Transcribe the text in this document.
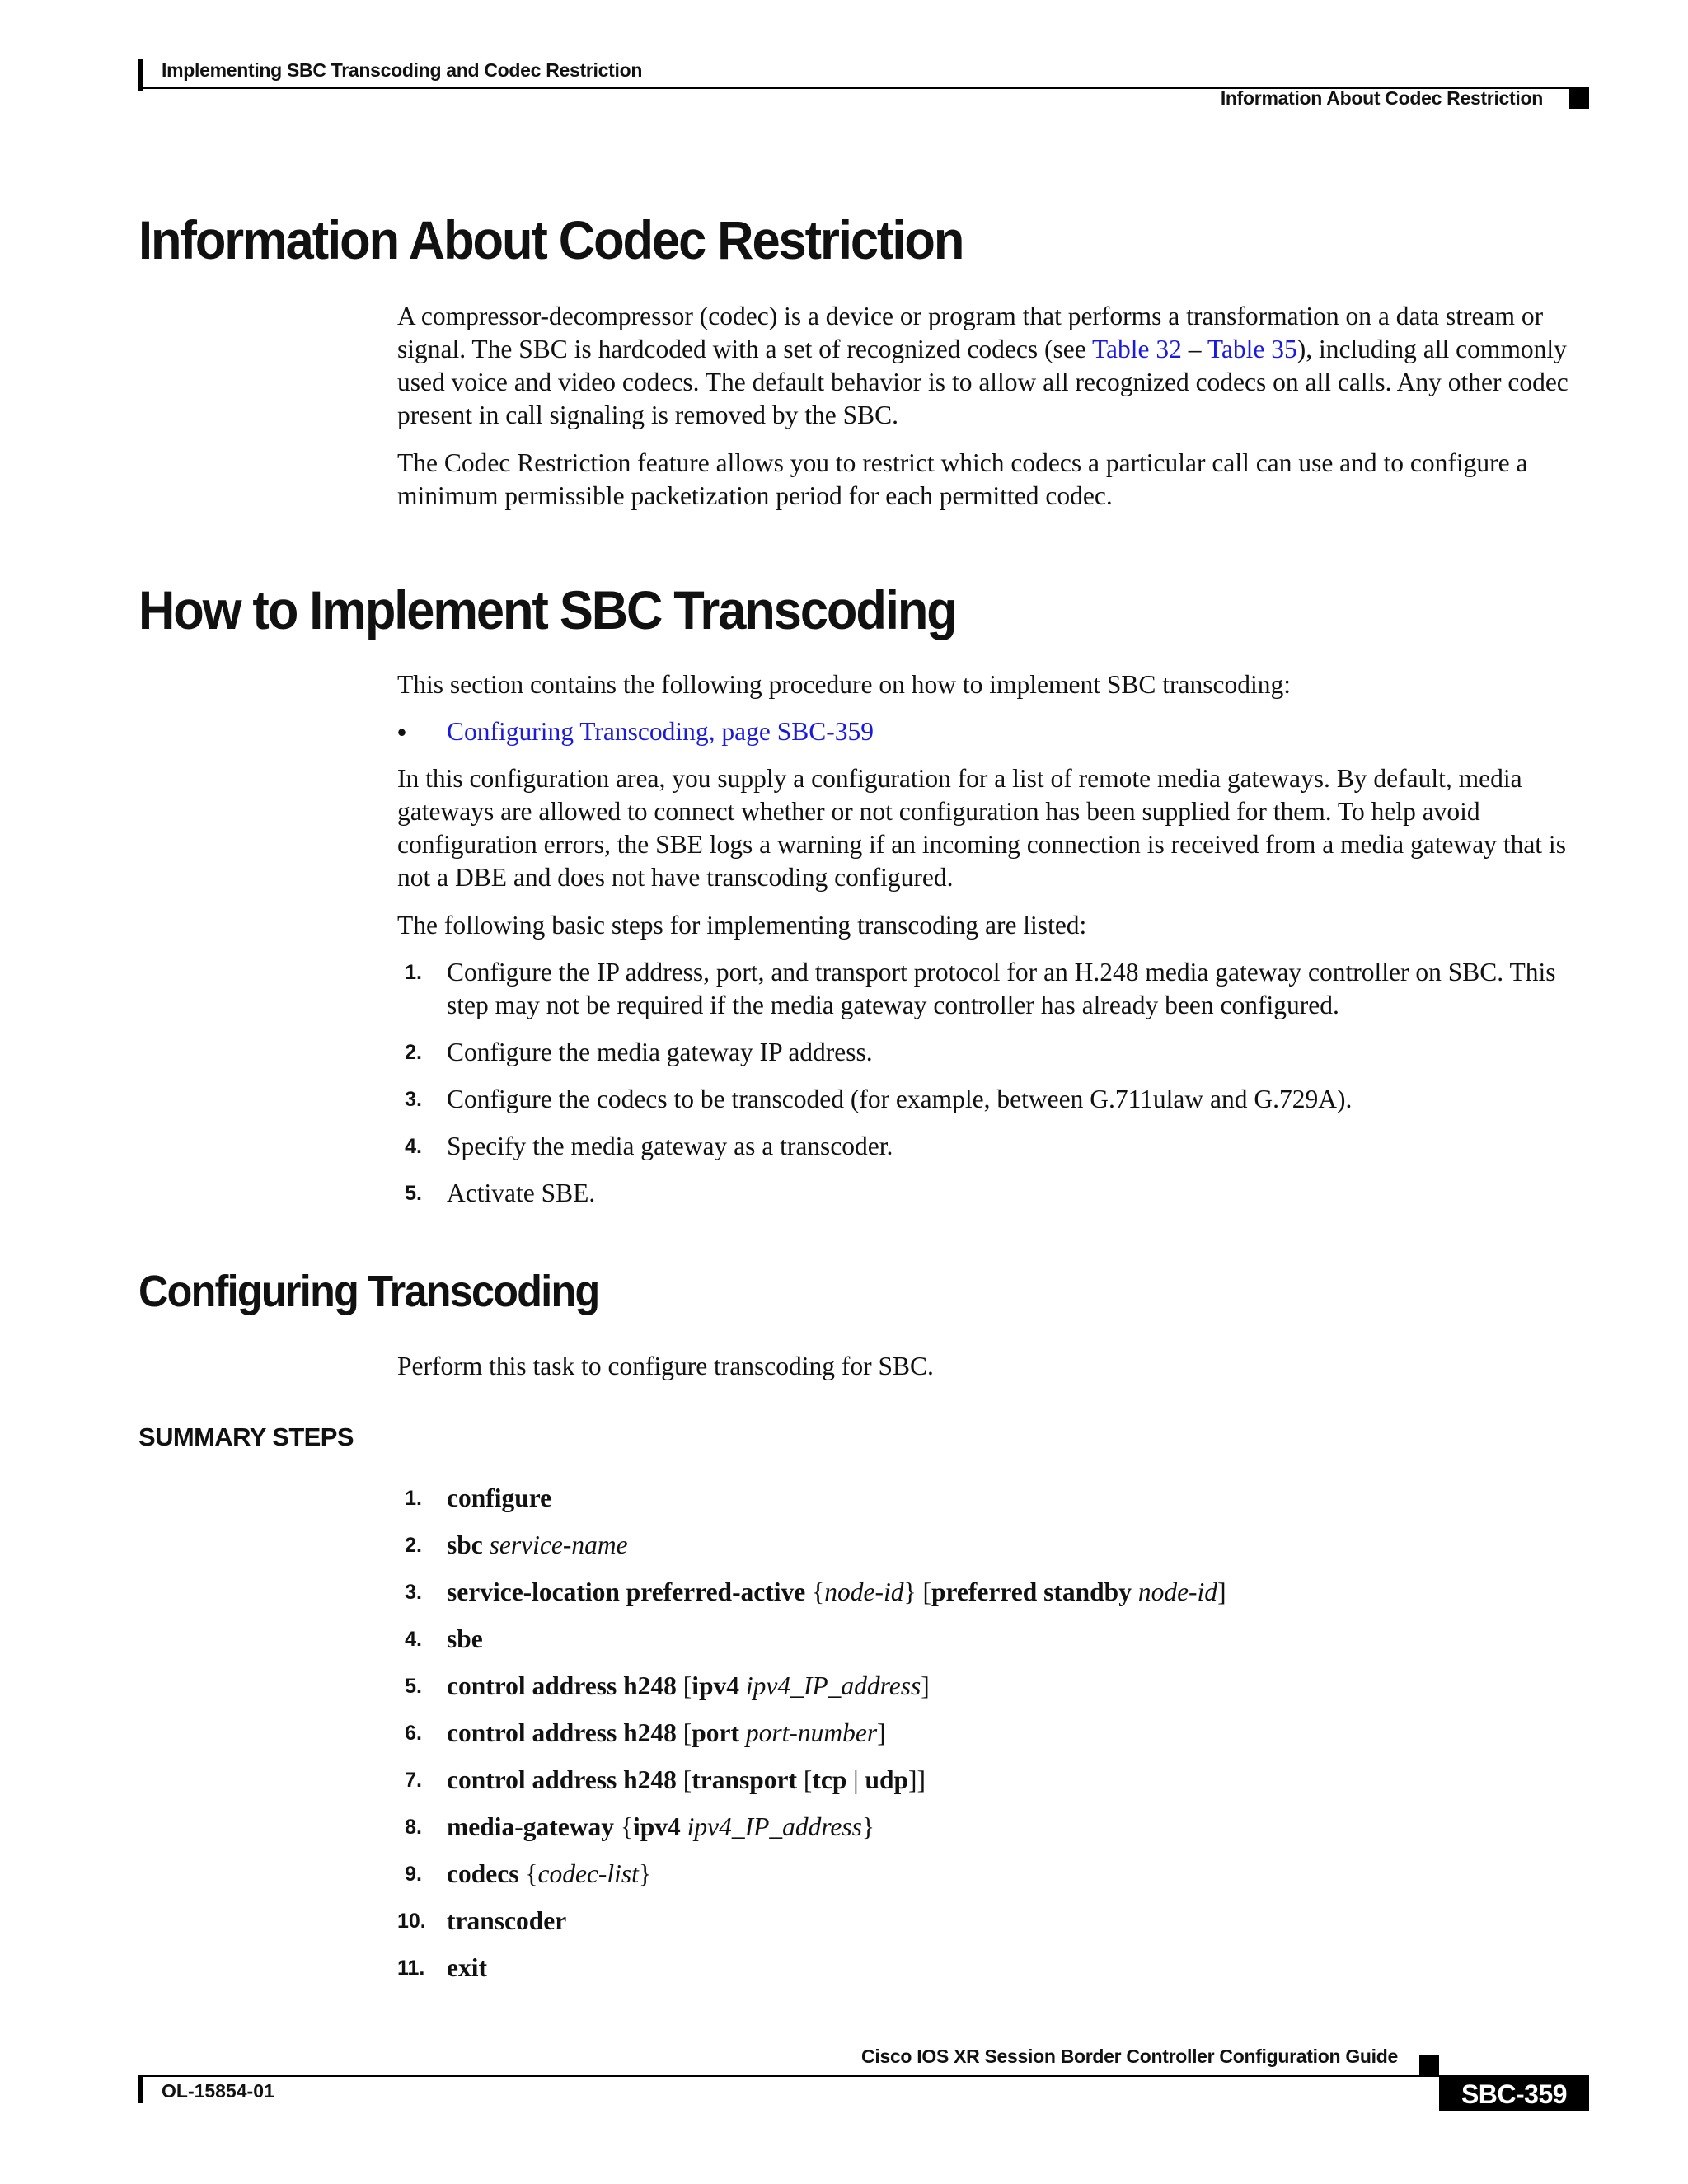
Implementing SBC Transcoding and Codec Restriction
Information About Codec Restriction
Information About Codec Restriction

A compressor-decompressor (codec) is a device or program that performs a transformation on a data stream or signal. The SBC is hardcoded with a set of recognized codecs (see Table 32 – Table 35), including all commonly used voice and video codecs. The default behavior is to allow all recognized codecs on all calls. Any other codec present in call signaling is removed by the SBC.

The Codec Restriction feature allows you to restrict which codecs a particular call can use and to configure a minimum permissible packetization period for each permitted codec.

How to Implement SBC Transcoding

This section contains the following procedure on how to implement SBC transcoding:

• Configuring Transcoding, page SBC-359

In this configuration area, you supply a configuration for a list of remote media gateways. By default, media gateways are allowed to connect whether or not configuration has been supplied for them. To help avoid configuration errors, the SBE logs a warning if an incoming connection is received from a media gateway that is not a DBE and does not have transcoding configured.

The following basic steps for implementing transcoding are listed:

1. Configure the IP address, port, and transport protocol for an H.248 media gateway controller on SBC. This step may not be required if the media gateway controller has already been configured.
2. Configure the media gateway IP address.
3. Configure the codecs to be transcoded (for example, between G.711ulaw and G.729A).
4. Specify the media gateway as a transcoder.
5. Activate SBE.
Configuring Transcoding

Perform this task to configure transcoding for SBC.

SUMMARY STEPS
1. configure
2. sbc service-name
3. service-location preferred-active {node-id} [preferred standby node-id]
4. sbe
5. control address h248 [ipv4 ipv4_IP_address]
6. control address h248 [port port-number]
7. control address h248 [transport [tcp | udp]]
8. media-gateway {ipv4 ipv4_IP_address}
9. codecs {codec-list}
10. transcoder
11. exit
Cisco IOS XR Session Border Controller Configuration Guide
OL-15854-01	SBC-359
